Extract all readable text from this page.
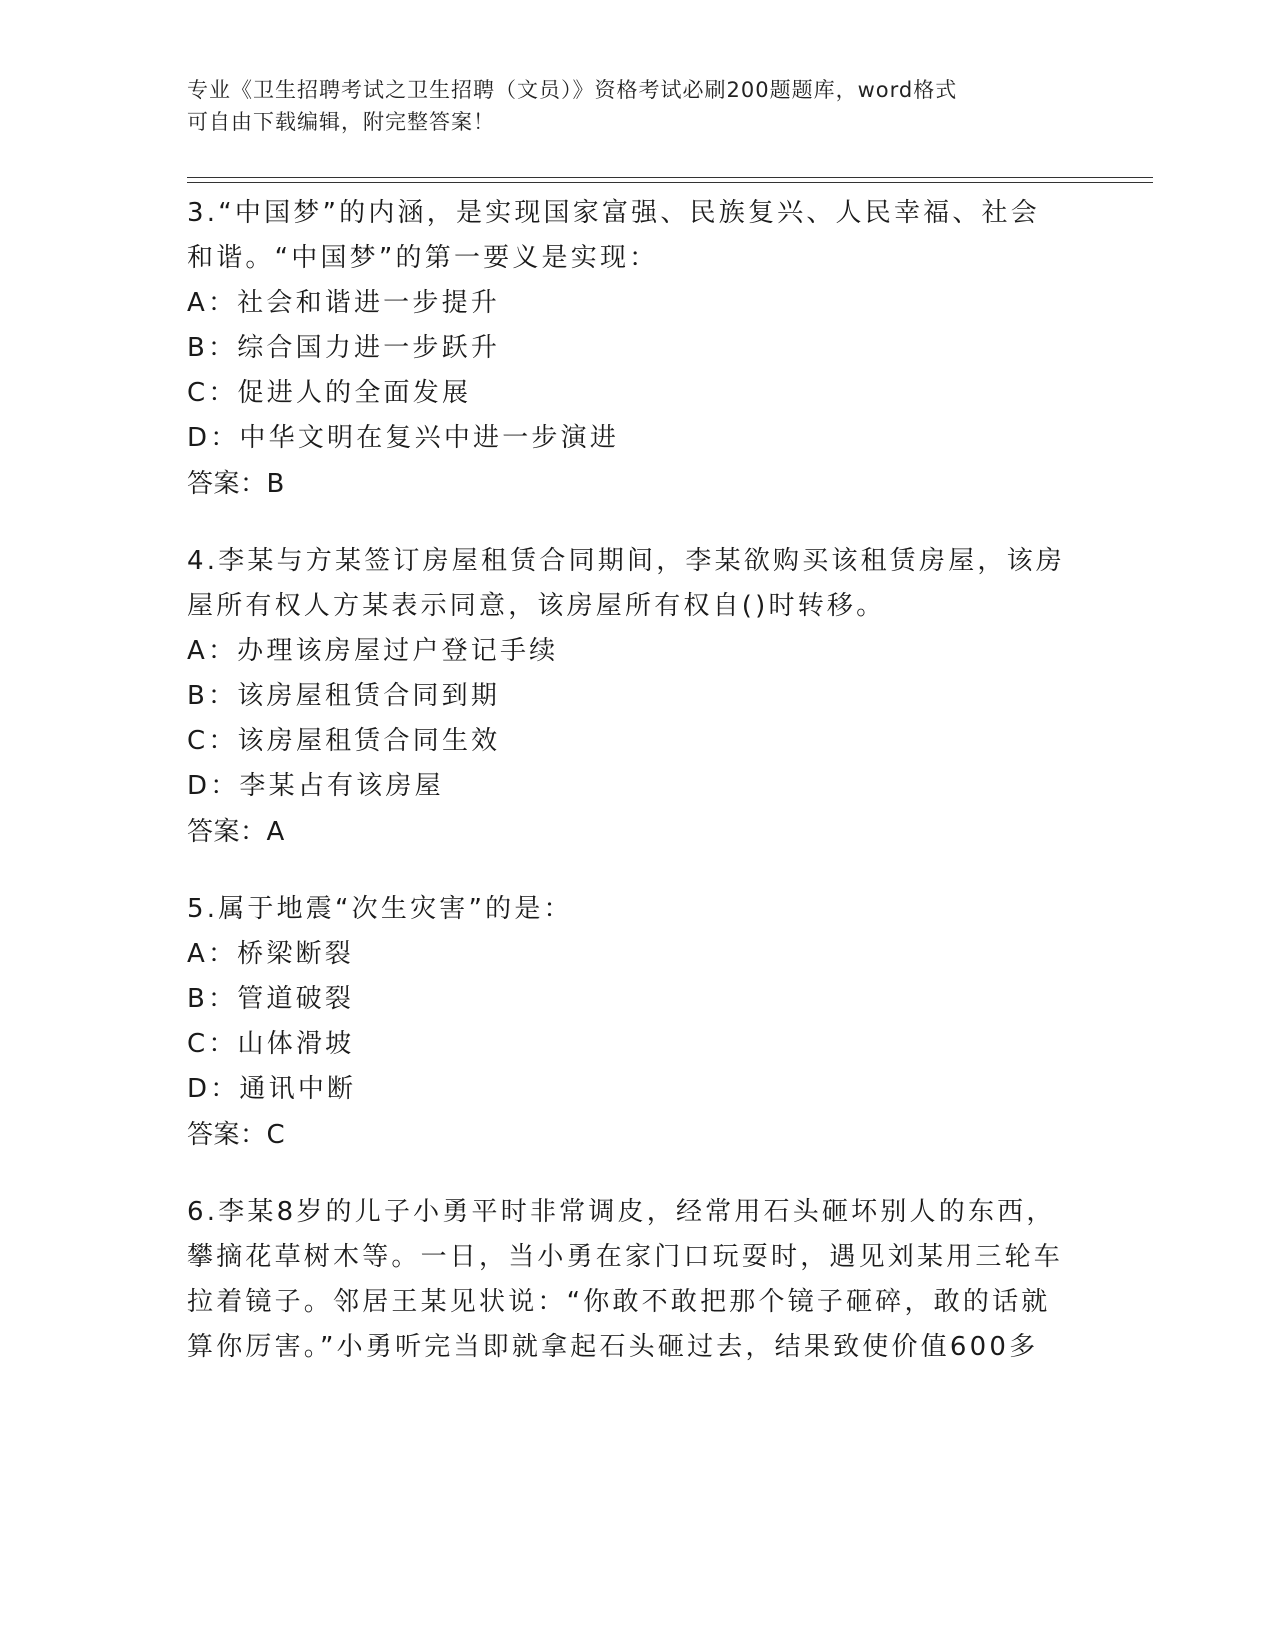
专业《卫生招聘考试之卫生招聘（文员）》资格考试必刷200题题库，word格式

可自由下载编辑，附完整答案！

3.“中国梦”的内涵，是实现国家富强、民族复兴、人民幸福、社会

和谐。“中国梦”的第一要义是实现：

A：社会和谐进一步提升

B：综合国力进一步跃升

C：促进人的全面发展

D：中华文明在复兴中进一步演进

答案：B

4.李某与方某签订房屋租赁合同期间，李某欲购买该租赁房屋，该房

屋所有权人方某表示同意，该房屋所有权自()时转移。

A：办理该房屋过户登记手续

B：该房屋租赁合同到期

C：该房屋租赁合同生效

D：李某占有该房屋

答案：A

5.属于地震“次生灾害”的是：

A：桥梁断裂

B：管道破裂

C：山体滑坡

D：通讯中断

答案：C

6.李某8岁的儿子小勇平时非常调皮，经常用石头砸坏别人的东西，

攀摘花草树木等。一日，当小勇在家门口玩耍时，遇见刘某用三轮车

拉着镜子。邻居王某见状说：“你敢不敢把那个镜子砸碎，敢的话就

算你厉害。”小勇听完当即就拿起石头砸过去，结果致使价值600多
